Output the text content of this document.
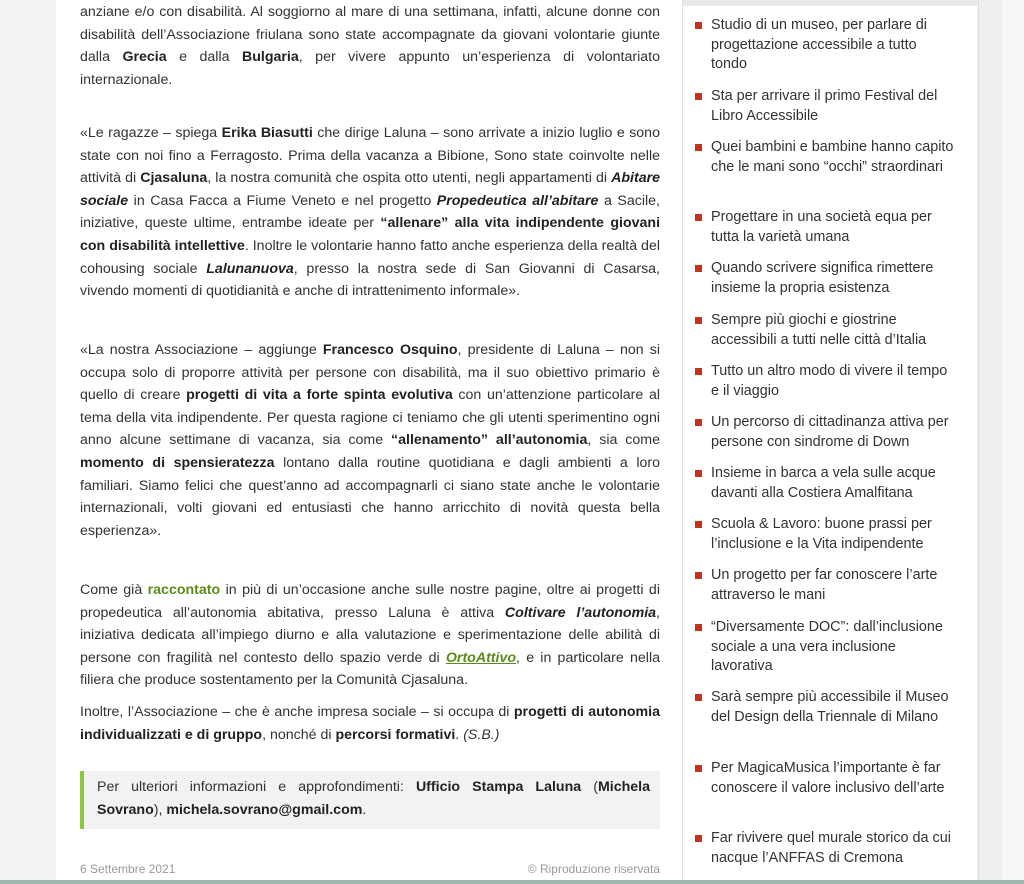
anziane e/o con disabilità. Al soggiorno al mare di una settimana, infatti, alcune donne con disabilità dell’Associazione friulana sono state accompagnate da giovani volontarie giunte dalla Grecia e dalla Bulgaria, per vivere appunto un’esperienza di volontariato internazionale.

«Le ragazze – spiega Erika Biasutti che dirige Laluna – sono arrivate a inizio luglio e sono state con noi fino a Ferragosto. Prima della vacanza a Bibione, Sono state coinvolte nelle attività di Cjasaluna, la nostra comunità che ospita otto utenti, negli appartamenti di Abitare sociale in Casa Facca a Fiume Veneto e nel progetto Propedeutica all’abitare a Sacile, iniziative, queste ultime, entrambe ideate per “allenare” alla vita indipendente giovani con disabilità intellettive. Inoltre le volontarie hanno fatto anche esperienza della realtà del cohousing sociale Lalunanuova, presso la nostra sede di San Giovanni di Casarsa, vivendo momenti di quotidianità e anche di intrattenimento informale».

«La nostra Associazione – aggiunge Francesco Osquino, presidente di Laluna – non si occupa solo di proporre attività per persone con disabilità, ma il suo obiettivo primario è quello di creare progetti di vita a forte spinta evolutiva con un’attenzione particolare al tema della vita indipendente. Per questa ragione ci teniamo che gli utenti sperimentino ogni anno alcune settimane di vacanza, sia come “allenamento” all’autonomia, sia come momento di spensieratezza lontano dalla routine quotidiana e dagli ambienti a loro familiari. Siamo felici che quest’anno ad accompagnarli ci siano state anche le volontarie internazionali, volti giovani ed entusiasti che hanno arricchito di novità questa bella esperienza».

Come già raccontato in più di un’occasione anche sulle nostre pagine, oltre ai progetti di propedeutica all’autonomia abitativa, presso Laluna è attiva Coltivare l’autonomia, iniziativa dedicata all’impiego diurno e alla valutazione e sperimentazione delle abilità di persone con fragilità nel contesto dello spazio verde di OrtoAttivo, e in particolare nella filiera che produce sostentamento per la Comunità Cjasaluna.

Inoltre, l’Associazione – che è anche impresa sociale – si occupa di progetti di autonomia individualizzati e di gruppo, nonché di percorsi formativi. (S.B.)

Per ulteriori informazioni e approfondimenti: Ufficio Stampa Laluna (Michela Sovrano), michela.sovrano@gmail.com.
6 Settembre 2021	© Riproduzione riservata
Studio di un museo, per parlare di progettazione accessibile a tutto tondo
Sta per arrivare il primo Festival del Libro Accessibile
Quei bambini e bambine hanno capito che le mani sono “occhi” straordinari
Progettare in una società equa per tutta la varietà umana
Quando scrivere significa rimettere insieme la propria esistenza
Sempre più giochi e giostrine accessibili a tutti nelle città d’Italia
Tutto un altro modo di vivere il tempo e il viaggio
Un percorso di cittadinanza attiva per persone con sindrome di Down
Insieme in barca a vela sulle acque davanti alla Costiera Amalfitana
Scuola & Lavoro: buone prassi per l’inclusione e la Vita indipendente
Un progetto per far conoscere l’arte attraverso le mani
“Diversamente DOC”: dall’inclusione sociale a una vera inclusione lavorativa
Sarà sempre più accessibile il Museo del Design della Triennale di Milano
Per MagicaMusica l’importante è far conoscere il valore inclusivo dell’arte
Far rivivere quel murale storico da cui nacque l’ANFFAS di Cremona
